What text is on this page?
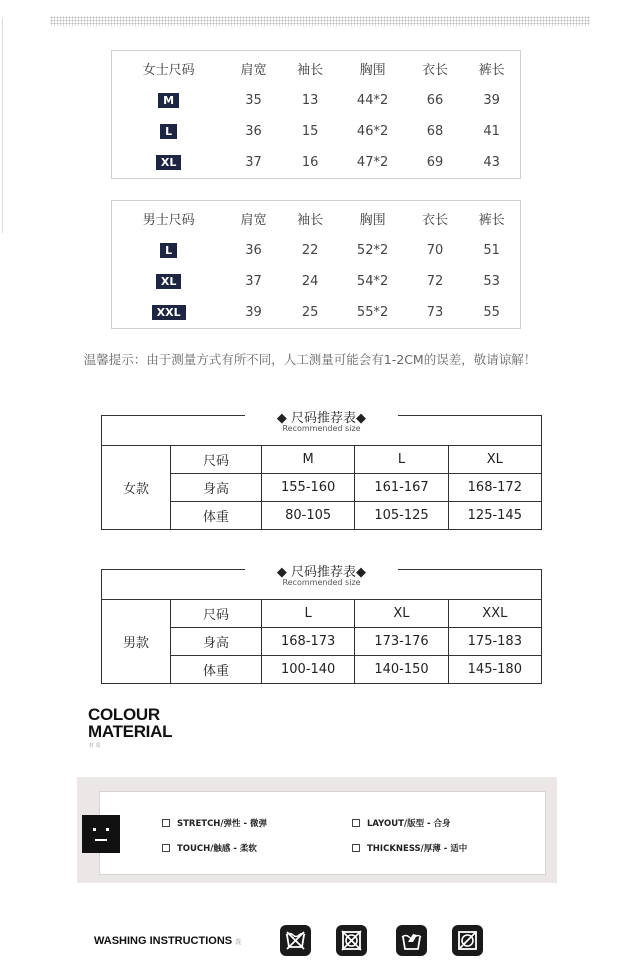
女士尺码	肩宽	袖长	胸围	衣长	裤长
M	35	13	44*2	66	39
L	36	15	46*2	68	41
XL	37	16	47*2	69	43
男士尺码	肩宽	袖长	胸围	衣长	裤长
L	36	22	52*2	70	51
XL	37	24	54*2	72	53
XXL	39	25	55*2	73	55
温馨提示：由于测量方式有所不同，人工测量可能会有1-2CM的误差，敬请谅解！
◆ 尺码推荐表◆
Recommended size
女款	尺码	M	L	XL
	身高	155-160	161-167	168-172
	体重	80-105	105-125	125-145
◆ 尺码推荐表◆
Recommended size
男款	尺码	L	XL	XXL
	身高	168-173	173-176	175-183
	体重	100-140	140-150	145-180
COLOUR
MATERIAL
材 质
STRETCH/弹性 - 微弹	LAYOUT/版型 - 合身
TOUCH/触感 - 柔软	THICKNESS/厚薄 - 适中
WASHING INSTRUCTIONS 洗
